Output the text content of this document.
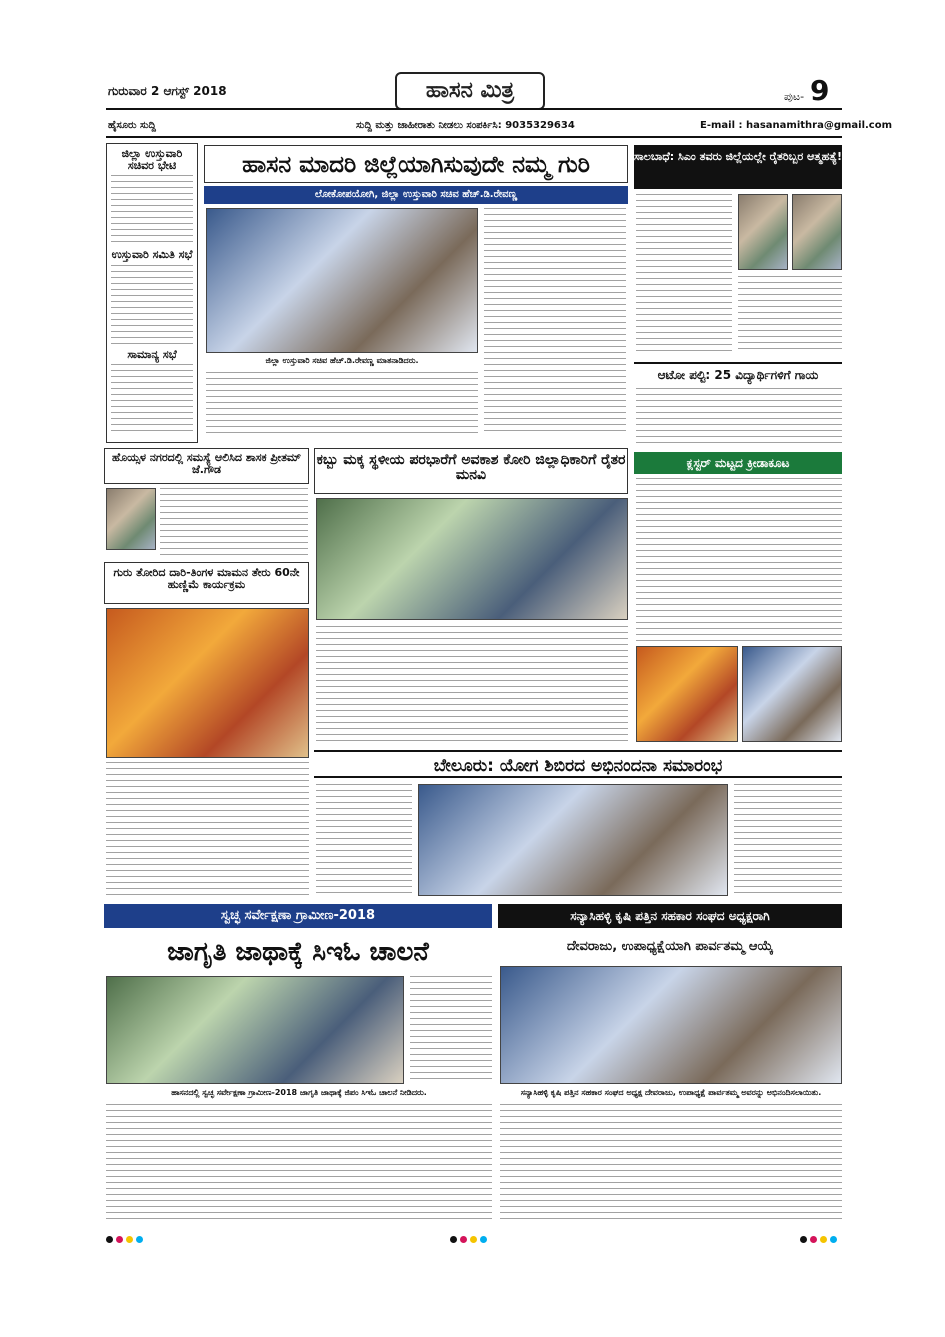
ಗುರುವಾರ 2 ಆಗಸ್ಟ್ 2018	ಹಾಸನ ಮಿತ್ರ	ಪುಟ- 9
ಹೈಸೂರು ಸುದ್ದಿ	ಸುದ್ದಿ ಮತ್ತು ಜಾಹೀರಾತು ನೀಡಲು ಸಂಪರ್ಕಿಸಿ: 9035329634	E-mail : hasanamithra@gmail.com
ಜಿಲ್ಲಾ ಉಸ್ತುವಾರಿ ಸಚಿವರ ಭೇಟಿ
ಉಸ್ತುವಾರಿ ಸಮಿತಿ ಸಭೆ
ಸಾಮಾನ್ಯ ಸಭೆ
ಹಾಸನ ಮಾದರಿ ಜಿಲ್ಲೆಯಾಗಿಸುವುದೇ ನಮ್ಮ ಗುರಿ
ಲೋಕೋಪಯೋಗಿ, ಜಿಲ್ಲಾ ಉಸ್ತುವಾರಿ ಸಚಿವ ಹೆಚ್.ಡಿ.ರೇವಣ್ಣ
ಜಿಲ್ಲಾ ಉಸ್ತುವಾರಿ ಸಚಿವ ಹೆಚ್.ಡಿ.ರೇವಣ್ಣ ಮಾತನಾಡಿದರು.
ಸಾಲಬಾಧೆ: ಸಿಎಂ ತವರು ಜಿಲ್ಲೆಯಲ್ಲೇ ರೈತರಿಬ್ಬರ ಆತ್ಮಹತ್ಯೆ!
ಆಟೋ ಪಲ್ಟಿ: 25 ವಿದ್ಯಾರ್ಥಿಗಳಿಗೆ ಗಾಯ
ಹೊಯ್ಸಳ ನಗರದಲ್ಲಿ ಸಮಸ್ಯೆ ಆಲಿಸಿದ ಶಾಸಕ ಪ್ರೀತಮ್ ಜೆ.ಗೌಡ
ಕಬ್ಬು ಮಕ್ಕ ಸ್ಥಳೀಯ ಪರಭಾರೆಗೆ ಅವಕಾಶ ಕೋರಿ ಜಿಲ್ಲಾಧಿಕಾರಿಗೆ ರೈತರ ಮನವಿ
ಕ್ಲಸ್ಟರ್ ಮಟ್ಟದ ಕ್ರೀಡಾಕೂಟ
ಗುರು ತೋರಿದ ದಾರಿ-ತಿಂಗಳ ಮಾಮನ ತೇರು 60ನೇ ಹುಣ್ಣಿಮೆ ಕಾರ್ಯಕ್ರಮ
ಬೇಲೂರು: ಯೋಗ ಶಿಬಿರದ ಅಭಿನಂದನಾ ಸಮಾರಂಭ
ಸ್ವಚ್ಛ ಸರ್ವೇಕ್ಷಣಾ ಗ್ರಾಮೀಣ-2018
ಜಾಗೃತಿ ಜಾಥಾಕ್ಕೆ ಸಿಇಓ ಚಾಲನೆ
ಹಾಸನದಲ್ಲಿ ಸ್ವಚ್ಛ ಸರ್ವೇಕ್ಷಣಾ ಗ್ರಾಮೀಣ-2018 ಜಾಗೃತಿ ಜಾಥಾಕ್ಕೆ ಜಿಪಂ ಸಿಇಓ ಚಾಲನೆ ನೀಡಿದರು.
ಸನ್ಯಾಸಿಹಳ್ಳಿ ಕೃಷಿ ಪತ್ತಿನ ಸಹಕಾರ ಸಂಘದ ಅಧ್ಯಕ್ಷರಾಗಿ
ದೇವರಾಜು, ಉಪಾಧ್ಯಕ್ಷೆಯಾಗಿ ಪಾರ್ವತಮ್ಮ ಆಯ್ಕೆ
ಸನ್ಯಾಸಿಹಳ್ಳಿ ಕೃಷಿ ಪತ್ತಿನ ಸಹಕಾರ ಸಂಘದ ಅಧ್ಯಕ್ಷ ದೇವರಾಜು, ಉಪಾಧ್ಯಕ್ಷೆ ಪಾರ್ವತಮ್ಮ ಅವರನ್ನು ಅಭಿನಂದಿಸಲಾಯಿತು.
